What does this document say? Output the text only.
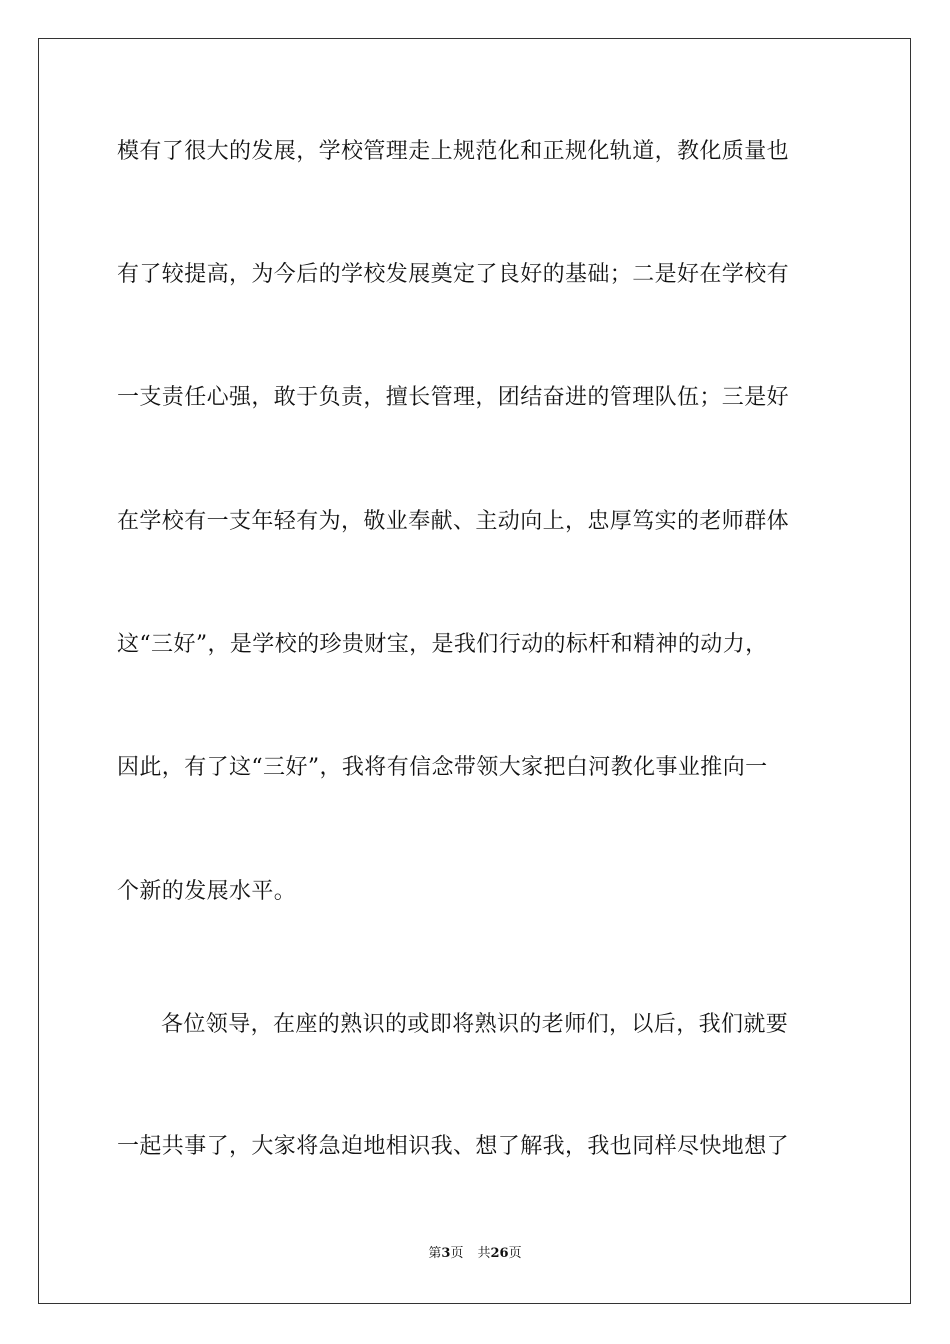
模有了很大的发展，学校管理走上规范化和正规化轨道，教化质量也
有了较提高，为今后的学校发展奠定了良好的基础；二是好在学校有
一支责任心强，敢于负责，擅长管理，团结奋进的管理队伍；三是好
在学校有一支年轻有为，敬业奉献、主动向上，忠厚笃实的老师群体
这“三好”，是学校的珍贵财宝，是我们行动的标杆和精神的动力，
因此，有了这“三好”，我将有信念带领大家把白河教化事业推向一
个新的发展水平。
各位领导，在座的熟识的或即将熟识的老师们，以后，我们就要
一起共事了，大家将急迫地相识我、想了解我，我也同样尽快地想了
第3页 共26页
